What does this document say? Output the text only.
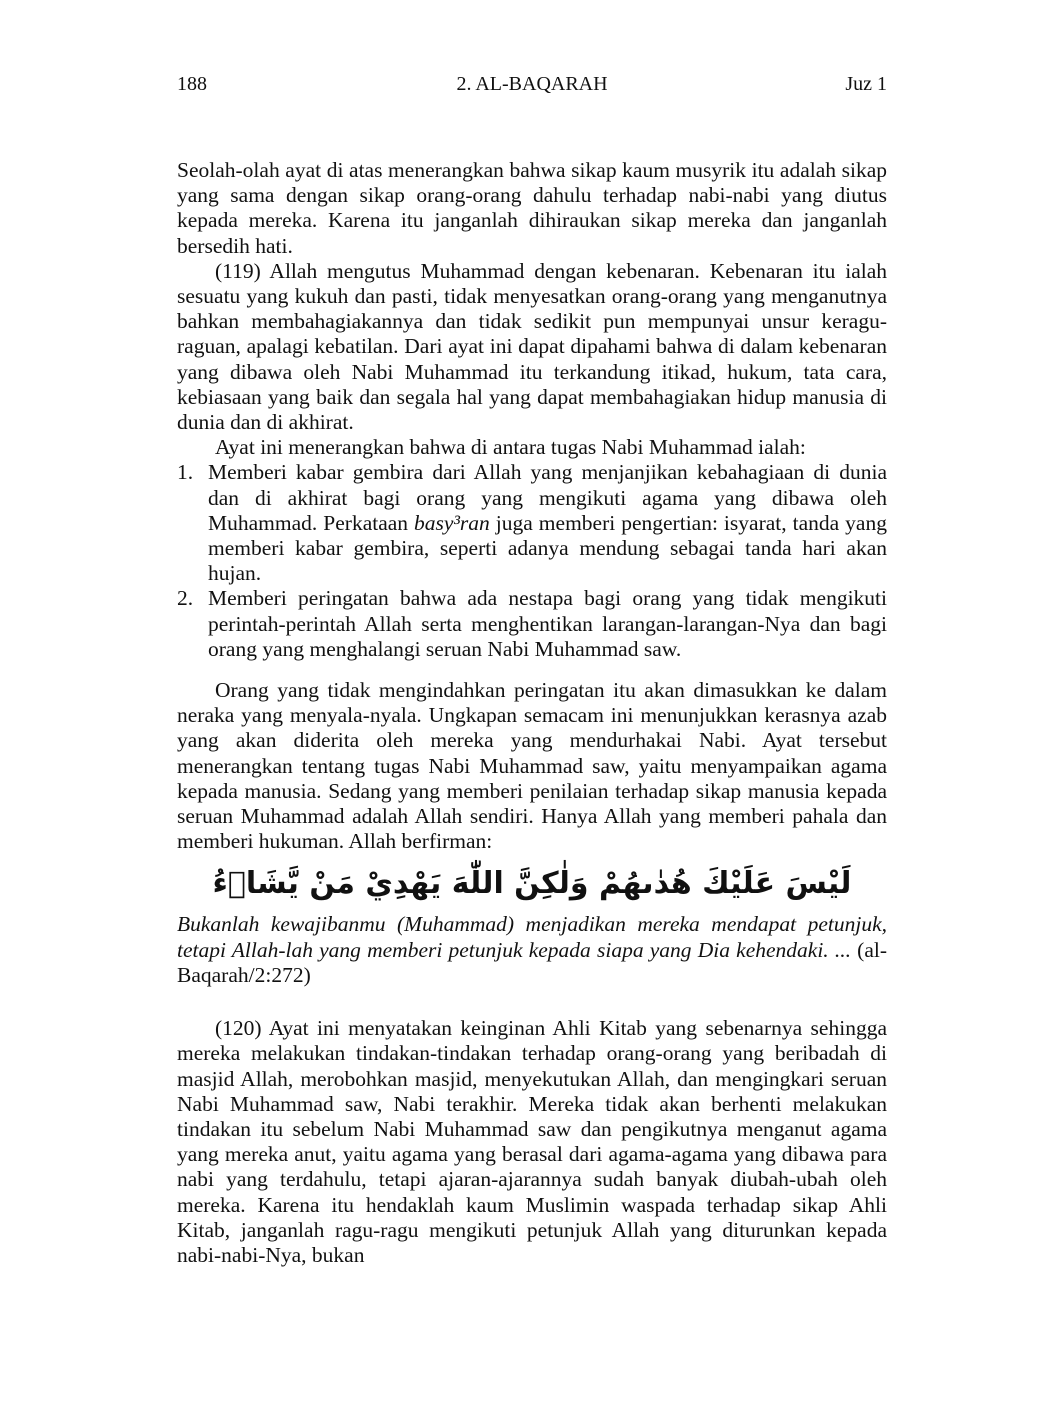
188	2. AL-BAQARAH	Juz 1

Seolah-olah ayat di atas menerangkan bahwa sikap kaum musyrik itu adalah sikap yang sama dengan sikap orang-orang dahulu terhadap nabi-nabi yang diutus kepada mereka. Karena itu janganlah dihiraukan sikap mereka dan janganlah bersedih hati.

(119) Allah mengutus Muhammad dengan kebenaran. Kebenaran itu ialah sesuatu yang kukuh dan pasti, tidak menyesatkan orang-orang yang menganutnya bahkan membahagiakannya dan tidak sedikit pun mempunyai unsur keragu-raguan, apalagi kebatilan. Dari ayat ini dapat dipahami bahwa di dalam kebenaran yang dibawa oleh Nabi Muhammad itu terkandung itikad, hukum, tata cara, kebiasaan yang baik dan segala hal yang dapat membahagiakan hidup manusia di dunia dan di akhirat.

Ayat ini menerangkan bahwa di antara tugas Nabi Muhammad ialah:

1. Memberi kabar gembira dari Allah yang menjanjikan kebahagiaan di dunia dan di akhirat bagi orang yang mengikuti agama yang dibawa oleh Muhammad. Perkataan basy³ran juga memberi pengertian: isyarat, tanda yang memberi kabar gembira, seperti adanya mendung sebagai tanda hari akan hujan.
2. Memberi peringatan bahwa ada nestapa bagi orang yang tidak mengikuti perintah-perintah Allah serta menghentikan larangan-larangan-Nya dan bagi orang yang menghalangi seruan Nabi Muhammad saw.

Orang yang tidak mengindahkan peringatan itu akan dimasukkan ke dalam neraka yang menyala-nyala. Ungkapan semacam ini menunjukkan kerasnya azab yang akan diderita oleh mereka yang mendurhakai Nabi. Ayat tersebut menerangkan tentang tugas Nabi Muhammad saw, yaitu menyampaikan agama kepada manusia. Sedang yang memberi penilaian terhadap sikap manusia kepada seruan Muhammad adalah Allah sendiri. Hanya Allah yang memberi pahala dan memberi hukuman. Allah berfirman:

لَيْسَ عَلَيْكَ هُدٰىهُمْ وَلٰكِنَّ اللّٰهَ يَهْدِيْ مَنْ يَّشَاۤءُ

Bukanlah kewajibanmu (Muhammad) menjadikan mereka mendapat petunjuk, tetapi Allah-lah yang memberi petunjuk kepada siapa yang Dia kehendaki. ... (al-Baqarah/2:272)

(120) Ayat ini menyatakan keinginan Ahli Kitab yang sebenarnya sehingga mereka melakukan tindakan-tindakan terhadap orang-orang yang beribadah di masjid Allah, merobohkan masjid, menyekutukan Allah, dan mengingkari seruan Nabi Muhammad saw, Nabi terakhir. Mereka tidak akan berhenti melakukan tindakan itu sebelum Nabi Muhammad saw dan pengikutnya menganut agama yang mereka anut, yaitu agama yang berasal dari agama-agama yang dibawa para nabi yang terdahulu, tetapi ajaran-ajarannya sudah banyak diubah-ubah oleh mereka. Karena itu hendaklah kaum Muslimin waspada terhadap sikap Ahli Kitab, janganlah ragu-ragu mengikuti petunjuk Allah yang diturunkan kepada nabi-nabi-Nya, bukan
